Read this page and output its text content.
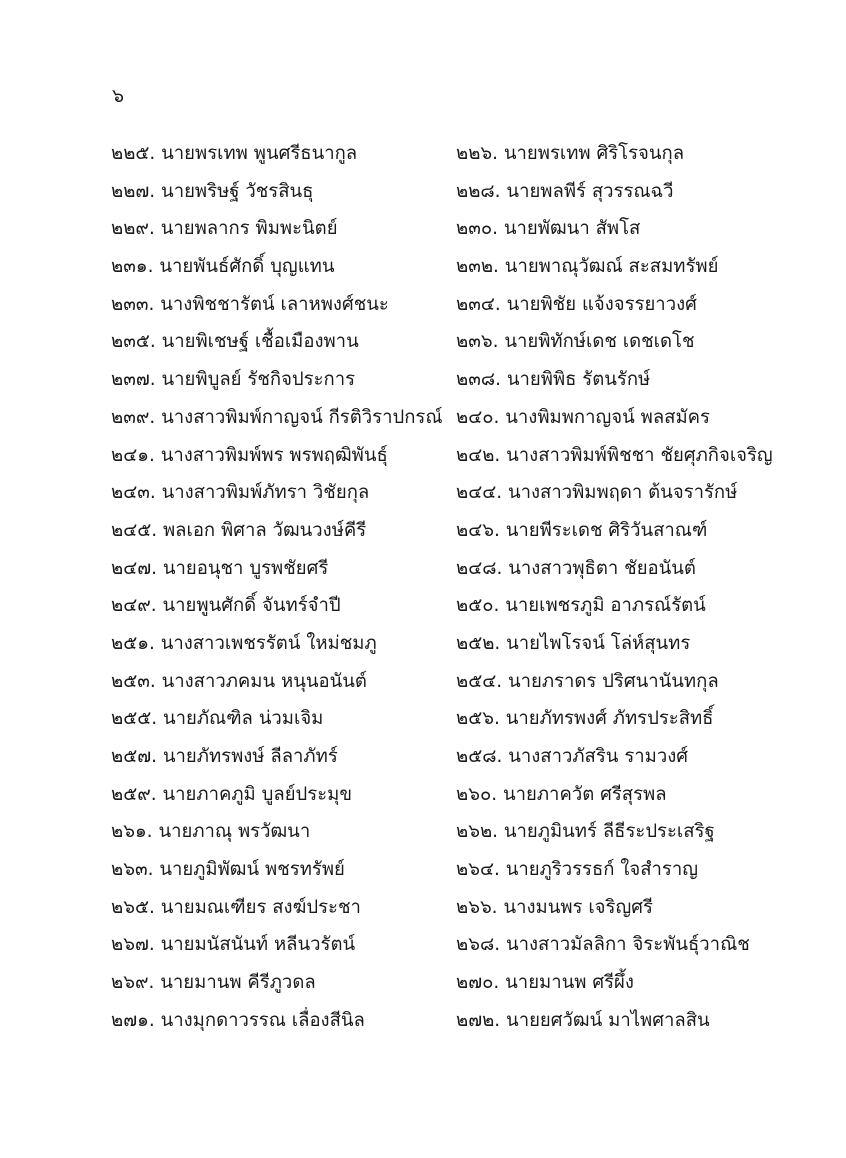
๖
๒๒๕. นายพรเทพ พูนศรีธนากูล	๒๒๖. นายพรเทพ ศิริโรจนกุล
๒๒๗. นายพริษฐ์ วัชรสินธุ	๒๒๘. นายพลพีร์ สุวรรณฉวี
๒๒๙. นายพลากร พิมพะนิตย์	๒๓๐. นายพัฒนา สัพโส
๒๓๑. นายพันธ์ศักดิ์ บุญแทน	๒๓๒. นายพาณุวัฒณ์ สะสมทรัพย์
๒๓๓. นางพิชชารัตน์ เลาหพงศ์ชนะ	๒๓๔. นายพิชัย แจ้งจรรยาวงศ์
๒๓๕. นายพิเชษฐ์ เชื้อเมืองพาน	๒๓๖. นายพิทักษ์เดช เดชเดโช
๒๓๗. นายพิบูลย์ รัชกิจประการ	๒๓๘. นายพิพิธ รัตนรักษ์
๒๓๙. นางสาวพิมพ์กาญจน์ กีรติวิราปกรณ์ ๒๔๐. นางพิมพกาญจน์ พลสมัคร
๒๔๑. นางสาวพิมพ์พร พรพฤฒิพันธุ์	๒๔๒. นางสาวพิมพ์พิชชา ชัยศุภกิจเจริญ
๒๔๓. นางสาวพิมพ์ภัทรา วิชัยกุล	๒๔๔. นางสาวพิมพฤดา ต้นจรารักษ์
๒๔๕. พลเอก พิศาล วัฒนวงษ์คีรี	๒๔๖. นายพีระเดช ศิริวันสาณฑ์
๒๔๗. นายอนุชา บูรพชัยศรี	๒๔๘. นางสาวพุธิตา ชัยอนันต์
๒๔๙. นายพูนศักดิ์ จันทร์จำปี	๒๕๐. นายเพชรภูมิ อาภรณ์รัตน์
๒๕๑. นางสาวเพชรรัตน์ ใหม่ชมภู	๒๕๒. นายไพโรจน์ โล่ห์สุนทร
๒๕๓. นางสาวภคมน หนุนอนันต์	๒๕๔. นายภราดร ปริศนานันทกุล
๒๕๕. นายภัณฑิล น่วมเจิม	๒๕๖. นายภัทรพงศ์ ภัทรประสิทธิ์
๒๕๗. นายภัทรพงษ์ ลีลาภัทร์	๒๕๘. นางสาวภัสริน รามวงศ์
๒๕๙. นายภาคภูมิ บูลย์ประมุข	๒๖๐. นายภาควัต ศรีสุรพล
๒๖๑. นายภาณุ พรวัฒนา	๒๖๒. นายภูมินทร์ ลีธีระประเสริฐ
๒๖๓. นายภูมิพัฒน์ พชรทรัพย์	๒๖๔. นายภูริวรรธก์ ใจสำราญ
๒๖๕. นายมณเฑียร สงฆ์ประชา	๒๖๖. นางมนพร เจริญศรี
๒๖๗. นายมนัสนันท์ หลีนวรัตน์	๒๖๘. นางสาวมัลลิกา จิระพันธุ์วาณิช
๒๖๙. นายมานพ คีรีภูวดล	๒๗๐. นายมานพ ศรีผึ้ง
๒๗๑. นางมุกดาวรรณ เลื่องสีนิล	๒๗๒. นายยศวัฒน์ มาไพศาลสิน
